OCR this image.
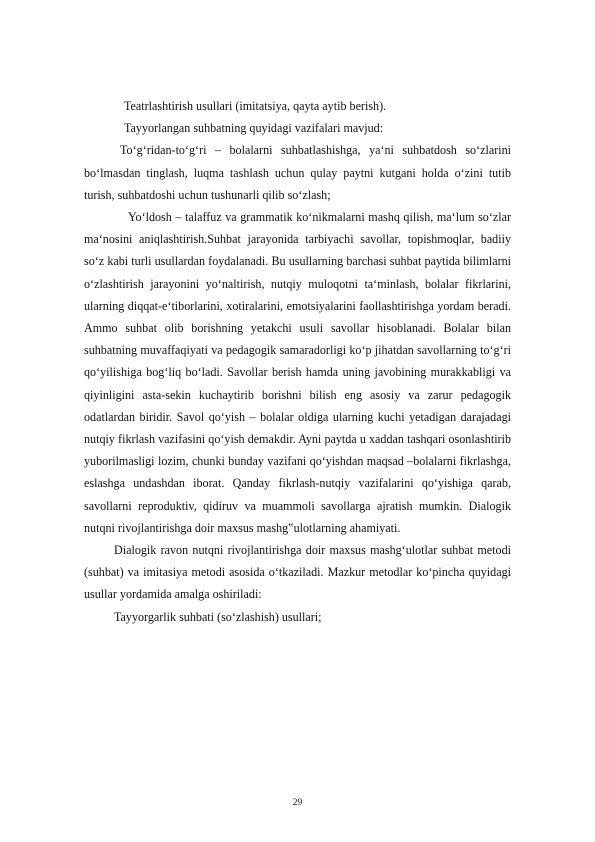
Teatrlashtirish usullari (imitatsiya, qayta aytib berish).

Tayyorlangan suhbatning quyidagi vazifalari mavjud:

To‘g‘ridan-to‘g‘ri – bolalarni suhbatlashishga, ya‘ni suhbatdosh so‘zlarini bo‘lmasdan tinglash, luqma tashlash uchun qulay paytni kutgani holda o‘zini tutib turish, suhbatdoshi uchun tushunarli qilib so‘zlash;

Yo‘ldosh – talaffuz va grammatik ko‘nikmalarni mashq qilish, ma‘lum so‘zlar ma‘nosini aniqlashtirish.Suhbat jarayonida tarbiyachi savollar, topishmoqlar, badiiy so‘z kabi turli usullardan foydalanadi. Bu usullarning barchasi suhbat paytida bilimlarni o‘zlashtirish jarayonini yo‘naltirish, nutqiy muloqotni ta‘minlash, bolalar fikrlarini, ularning diqqat-e‘tiborlarini, xotiralarini, emotsiyalarini faollashtirishga yordam beradi. Ammo suhbat olib borishning yetakchi usuli savollar hisoblanadi. Bolalar bilan suhbatning muvaffaqiyati va pedagogik samaradorligi ko‘p jihatdan savollarning to‘g‘ri qo‘yilishiga bog‘liq bo‘ladi. Savollar berish hamda uning javobining murakkabligi va qiyinligini asta-sekin kuchaytirib borishni bilish eng asosiy va zarur pedagogik odatlardan biridir. Savol qo‘yish – bolalar oldiga ularning kuchi yetadigan darajadagi nutqiy fikrlash vazifasini qo‘yish demakdir. Ayni paytda u xaddan tashqari osonlashtirib yuborilmasligi lozim, chunki bunday vazifani qo‘yishdan maqsad –bolalarni fikrlashga, eslashga undashdan iborat. Qanday fikrlash-nutqiy vazifalarini qo‘yishiga qarab, savollarni reproduktiv, qidiruv va muammoli savollarga ajratish mumkin. Dialogik nutqni rivojlantirishga doir maxsus mashg‟ulotlarning ahamiyati.

Dialogik ravon nutqni rivojlantirishga doir maxsus mashg‘ulotlar suhbat metodi (suhbat) va imitasiya metodi asosida o‘tkaziladi. Mazkur metodlar ko‘pincha quyidagi usullar yordamida amalga oshiriladi:

Tayyorgarlik suhbati (so‘zlashish) usullari;

29
